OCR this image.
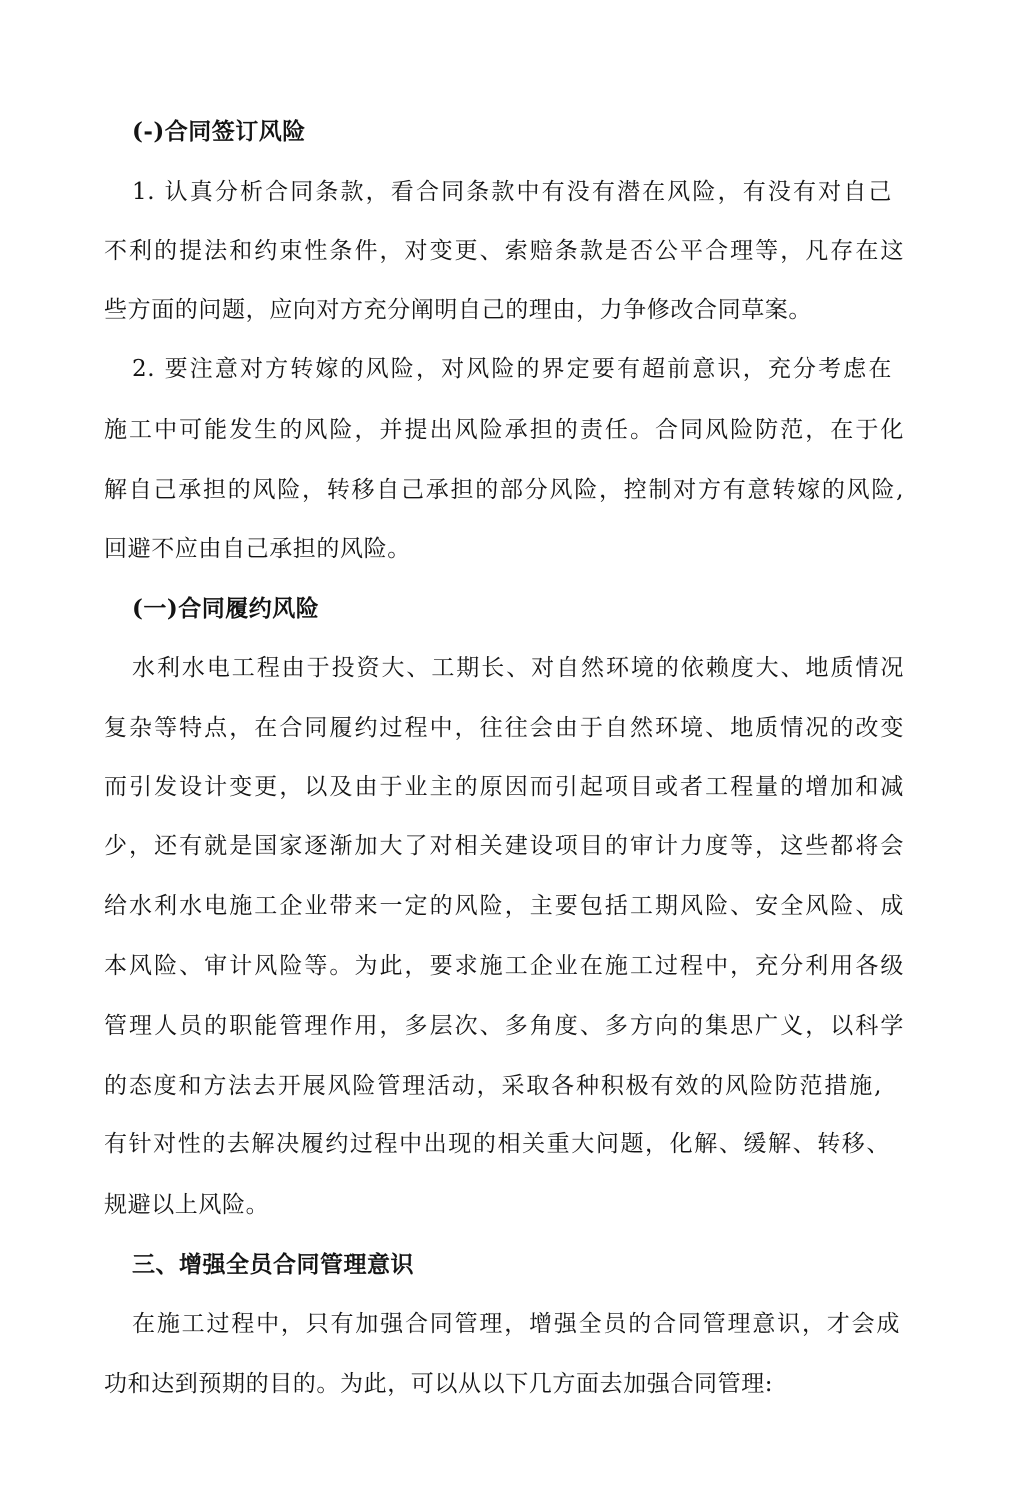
(-)合同签订风险
1. 认真分析合同条款，看合同条款中有没有潜在风险，有没有对自己
不利的提法和约束性条件，对变更、索赔条款是否公平合理等，凡存在这
些方面的问题，应向对方充分阐明自己的理由，力争修改合同草案。
2. 要注意对方转嫁的风险，对风险的界定要有超前意识，充分考虑在
施工中可能发生的风险，并提出风险承担的责任。合同风险防范，在于化
解自己承担的风险，转移自己承担的部分风险，控制对方有意转嫁的风险,
回避不应由自己承担的风险。
(一)合同履约风险
水利水电工程由于投资大、工期长、对自然环境的依赖度大、地质情况
复杂等特点，在合同履约过程中，往往会由于自然环境、地质情况的改变
而引发设计变更，以及由于业主的原因而引起项目或者工程量的增加和减
少，还有就是国家逐渐加大了对相关建设项目的审计力度等，这些都将会
给水利水电施工企业带来一定的风险，主要包括工期风险、安全风险、成
本风险、审计风险等。为此，要求施工企业在施工过程中，充分利用各级
管理人员的职能管理作用，多层次、多角度、多方向的集思广义，以科学
的态度和方法去开展风险管理活动，采取各种积极有效的风险防范措施,
有针对性的去解决履约过程中出现的相关重大问题，化解、缓解、转移、
规避以上风险。
三、增强全员合同管理意识
在施工过程中，只有加强合同管理，增强全员的合同管理意识，才会成
功和达到预期的目的。为此，可以从以下几方面去加强合同管理:
